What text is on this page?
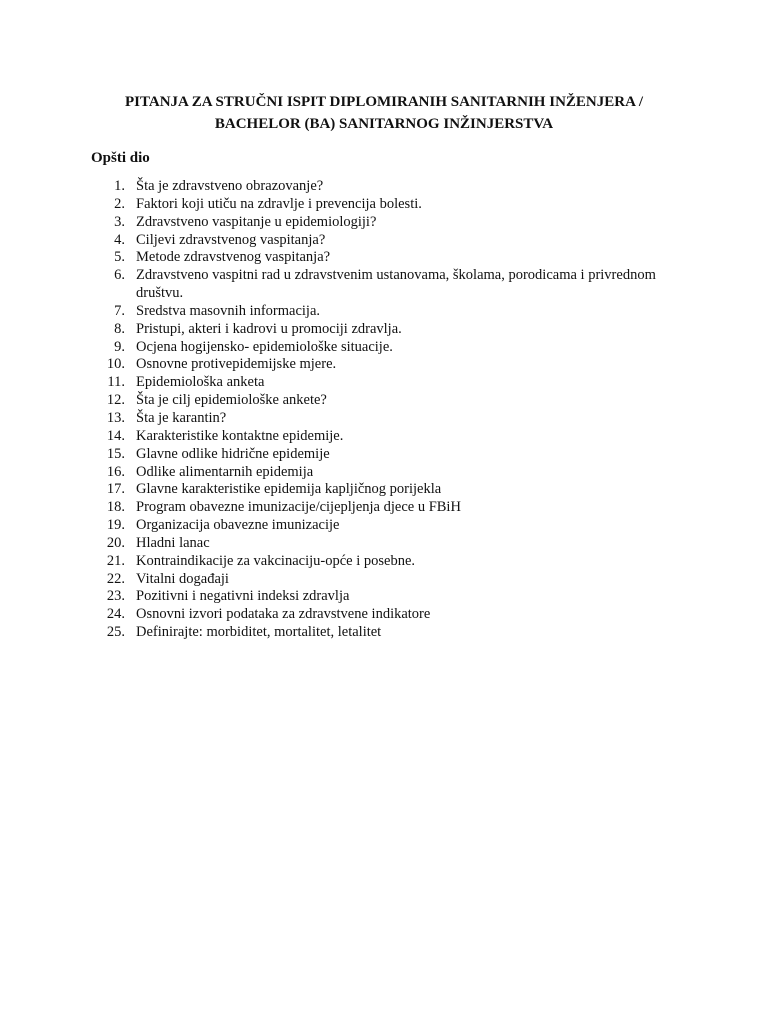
PITANJA ZA STRUČNI ISPIT DIPLOMIRANIH SANITARNIH INŽENJERA /
BACHELOR (BA) SANITARNOG INŽINJERSTVA
Opšti dio
1. Šta je zdravstveno obrazovanje?
2. Faktori koji utiču na zdravlje i prevencija bolesti.
3. Zdravstveno vaspitanje u epidemiologiji?
4. Ciljevi zdravstvenog vaspitanja?
5. Metode zdravstvenog vaspitanja?
6. Zdravstveno vaspitni rad u zdravstvenim ustanovama, školama, porodicama i privrednom društvu.
7. Sredstva masovnih informacija.
8. Pristupi, akteri i kadrovi u promociji zdravlja.
9. Ocjena hogijensko- epidemiološke situacije.
10. Osnovne protivepidemijske mjere.
11. Epidemiološka anketa
12. Šta je cilj epidemiološke ankete?
13. Šta je karantin?
14. Karakteristike kontaktne epidemije.
15. Glavne odlike hidrične epidemije
16. Odlike alimentarnih epidemija
17. Glavne karakteristike epidemija kapljičnog porijekla
18. Program obavezne imunizacije/cijepljenja djece u FBiH
19. Organizacija obavezne imunizacije
20. Hladni lanac
21. Kontraindikacije za vakcinaciju-opće i posebne.
22. Vitalni događaji
23. Pozitivni i negativni indeksi zdravlja
24. Osnovni izvori podataka za zdravstvene indikatore
25. Definirajte: morbiditet, mortalitet, letalitet
